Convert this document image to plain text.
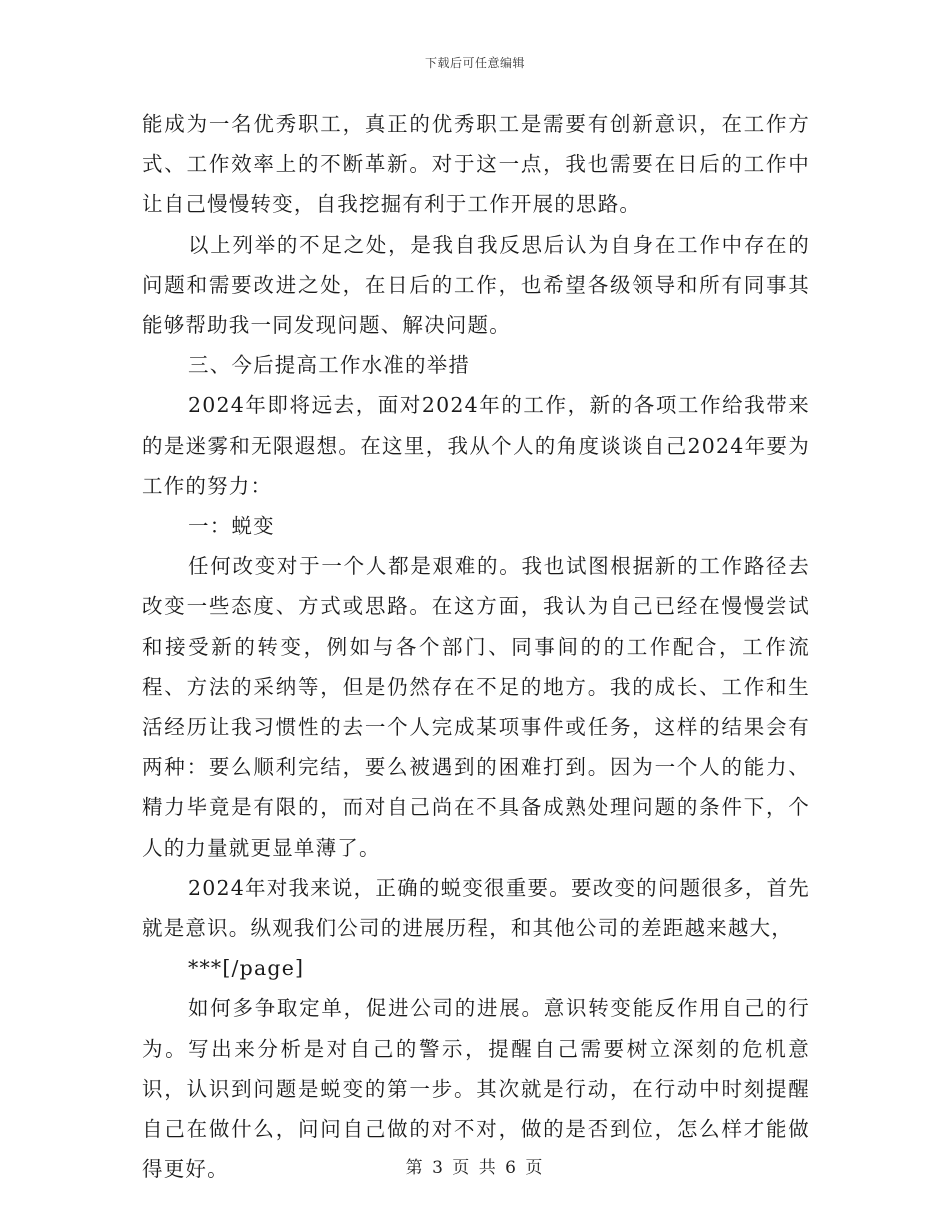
下载后可任意编辑

能成为一名优秀职工，真正的优秀职工是需要有创新意识，在工作方式、工作效率上的不断革新。对于这一点，我也需要在日后的工作中让自己慢慢转变，自我挖掘有利于工作开展的思路。

以上列举的不足之处，是我自我反思后认为自身在工作中存在的问题和需要改进之处，在日后的工作，也希望各级领导和所有同事其能够帮助我一同发现问题、解决问题。

三、今后提高工作水准的举措

2024年即将远去，面对2024年的工作，新的各项工作给我带来的是迷雾和无限遐想。在这里，我从个人的角度谈谈自己2024年要为工作的努力：

一：蜕变

任何改变对于一个人都是艰难的。我也试图根据新的工作路径去改变一些态度、方式或思路。在这方面，我认为自己已经在慢慢尝试和接受新的转变，例如与各个部门、同事间的的工作配合，工作流程、方法的采纳等，但是仍然存在不足的地方。我的成长、工作和生活经历让我习惯性的去一个人完成某项事件或任务，这样的结果会有两种：要么顺利完结，要么被遇到的困难打到。因为一个人的能力、精力毕竟是有限的，而对自己尚在不具备成熟处理问题的条件下，个人的力量就更显单薄了。

2024年对我来说，正确的蜕变很重要。要改变的问题很多，首先就是意识。纵观我们公司的进展历程，和其他公司的差距越来越大，

***[/page]

如何多争取定单，促进公司的进展。意识转变能反作用自己的行为。写出来分析是对自己的警示，提醒自己需要树立深刻的危机意识，认识到问题是蜕变的第一步。其次就是行动，在行动中时刻提醒自己在做什么，问问自己做的对不对，做的是否到位，怎么样才能做得更好。	第 3 页 共 6 页
